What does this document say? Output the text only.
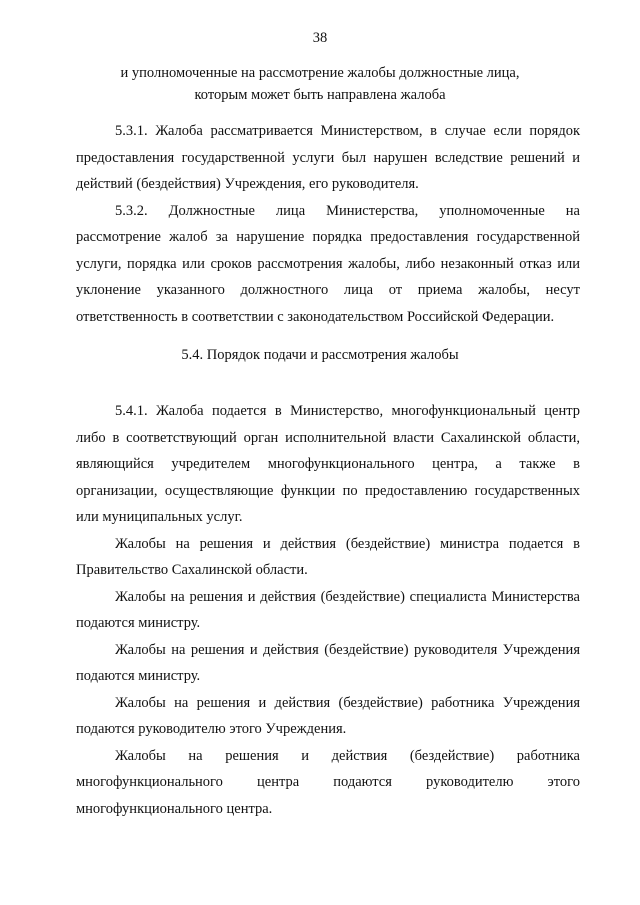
38
и уполномоченные на рассмотрение жалобы должностные лица,
которым может быть направлена жалоба

5.3.1. Жалоба рассматривается Министерством, в случае если порядок предоставления государственной услуги был нарушен вследствие решений и действий (бездействия) Учреждения, его руководителя.

5.3.2. Должностные лица Министерства, уполномоченные на рассмотрение жалоб за нарушение порядка предоставления государственной услуги, порядка или сроков рассмотрения жалобы, либо незаконный отказ или уклонение указанного должностного лица от приема жалобы, несут ответственность в соответствии с законодательством Российской Федерации.

5.4. Порядок подачи и рассмотрения жалобы

5.4.1. Жалоба подается в Министерство, многофункциональный центр либо в соответствующий орган исполнительной власти Сахалинской области, являющийся учредителем многофункционального центра, а также в организации, осуществляющие функции по предоставлению государственных или муниципальных услуг.

Жалобы на решения и действия (бездействие) министра подается в Правительство Сахалинской области.

Жалобы на решения и действия (бездействие) специалиста Министерства подаются министру.

Жалобы на решения и действия (бездействие) руководителя Учреждения подаются министру.

Жалобы на решения и действия (бездействие) работника Учреждения подаются руководителю этого Учреждения.

Жалобы на решения и действия (бездействие) работника многофункционального центра подаются руководителю этого многофункционального центра.
